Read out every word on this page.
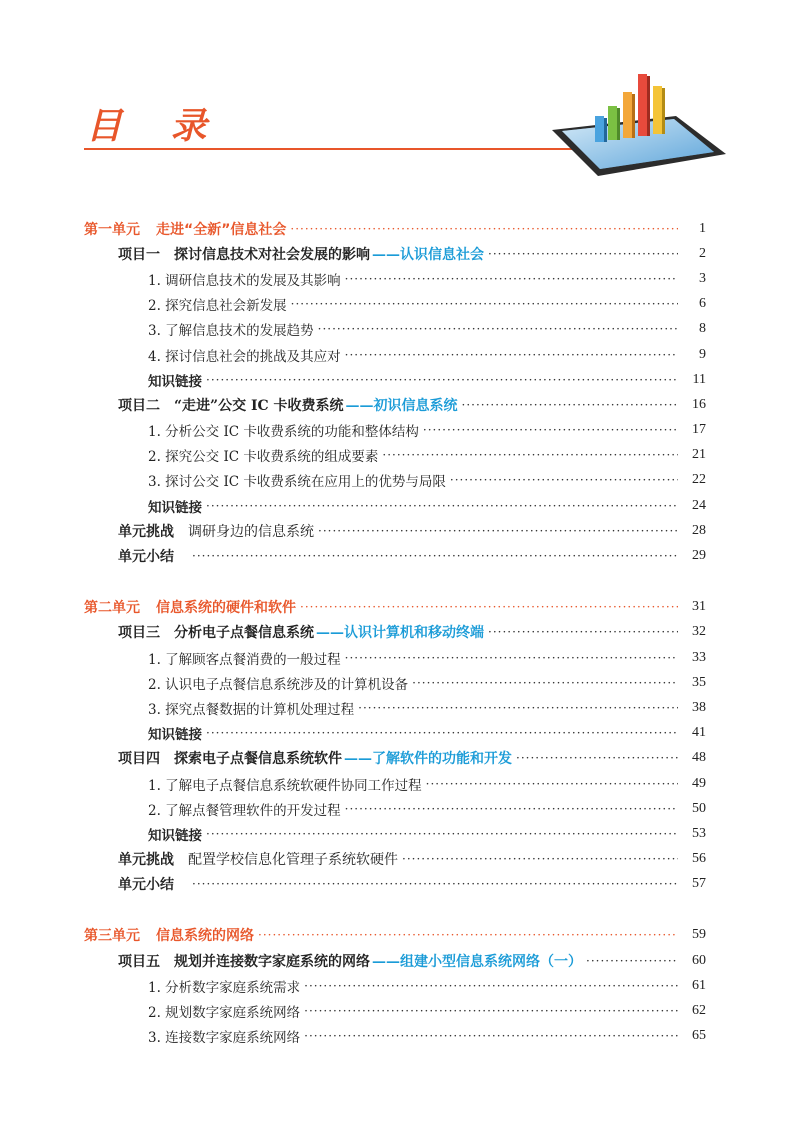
目 录
第一单元 走进“全新”信息社会 ·····	1
项目一 探讨信息技术对社会发展的影响 ——认识信息社会 ·····	2
1. 调研信息技术的发展及其影响 ·····	3
2. 探究信息社会新发展 ·····	6
3. 了解信息技术的发展趋势 ·····	8
4. 探讨信息社会的挑战及其应对 ·····	9
知识链接 ·····	11
项目二 “走进”公交 IC 卡收费系统 ——初识信息系统 ·····	16
1. 分析公交 IC 卡收费系统的功能和整体结构 ·····	17
2. 探究公交 IC 卡收费系统的组成要素 ·····	21
3. 探讨公交 IC 卡收费系统在应用上的优势与局限 ·····	22
知识链接 ·····	24
单元挑战 调研身边的信息系统 ·····	28
单元小结 ·····	29
第二单元 信息系统的硬件和软件 ·····	31
项目三 分析电子点餐信息系统 ——认识计算机和移动终端 ·····	32
1. 了解顾客点餐消费的一般过程 ·····	33
2. 认识电子点餐信息系统涉及的计算机设备 ·····	35
3. 探究点餐数据的计算机处理过程 ·····	38
知识链接 ·····	41
项目四 探索电子点餐信息系统软件 ——了解软件的功能和开发 ·····	48
1. 了解电子点餐信息系统软硬件协同工作过程 ·····	49
2. 了解点餐管理软件的开发过程 ·····	50
知识链接 ·····	53
单元挑战 配置学校信息化管理子系统软硬件 ·····	56
单元小结 ·····	57
第三单元 信息系统的网络 ·····	59
项目五 规划并连接数字家庭系统的网络 ——组建小型信息系统网络（一） ·····	60
1. 分析数字家庭系统需求 ·····	61
2. 规划数字家庭系统网络 ·····	62
3. 连接数字家庭系统网络 ·····	65
